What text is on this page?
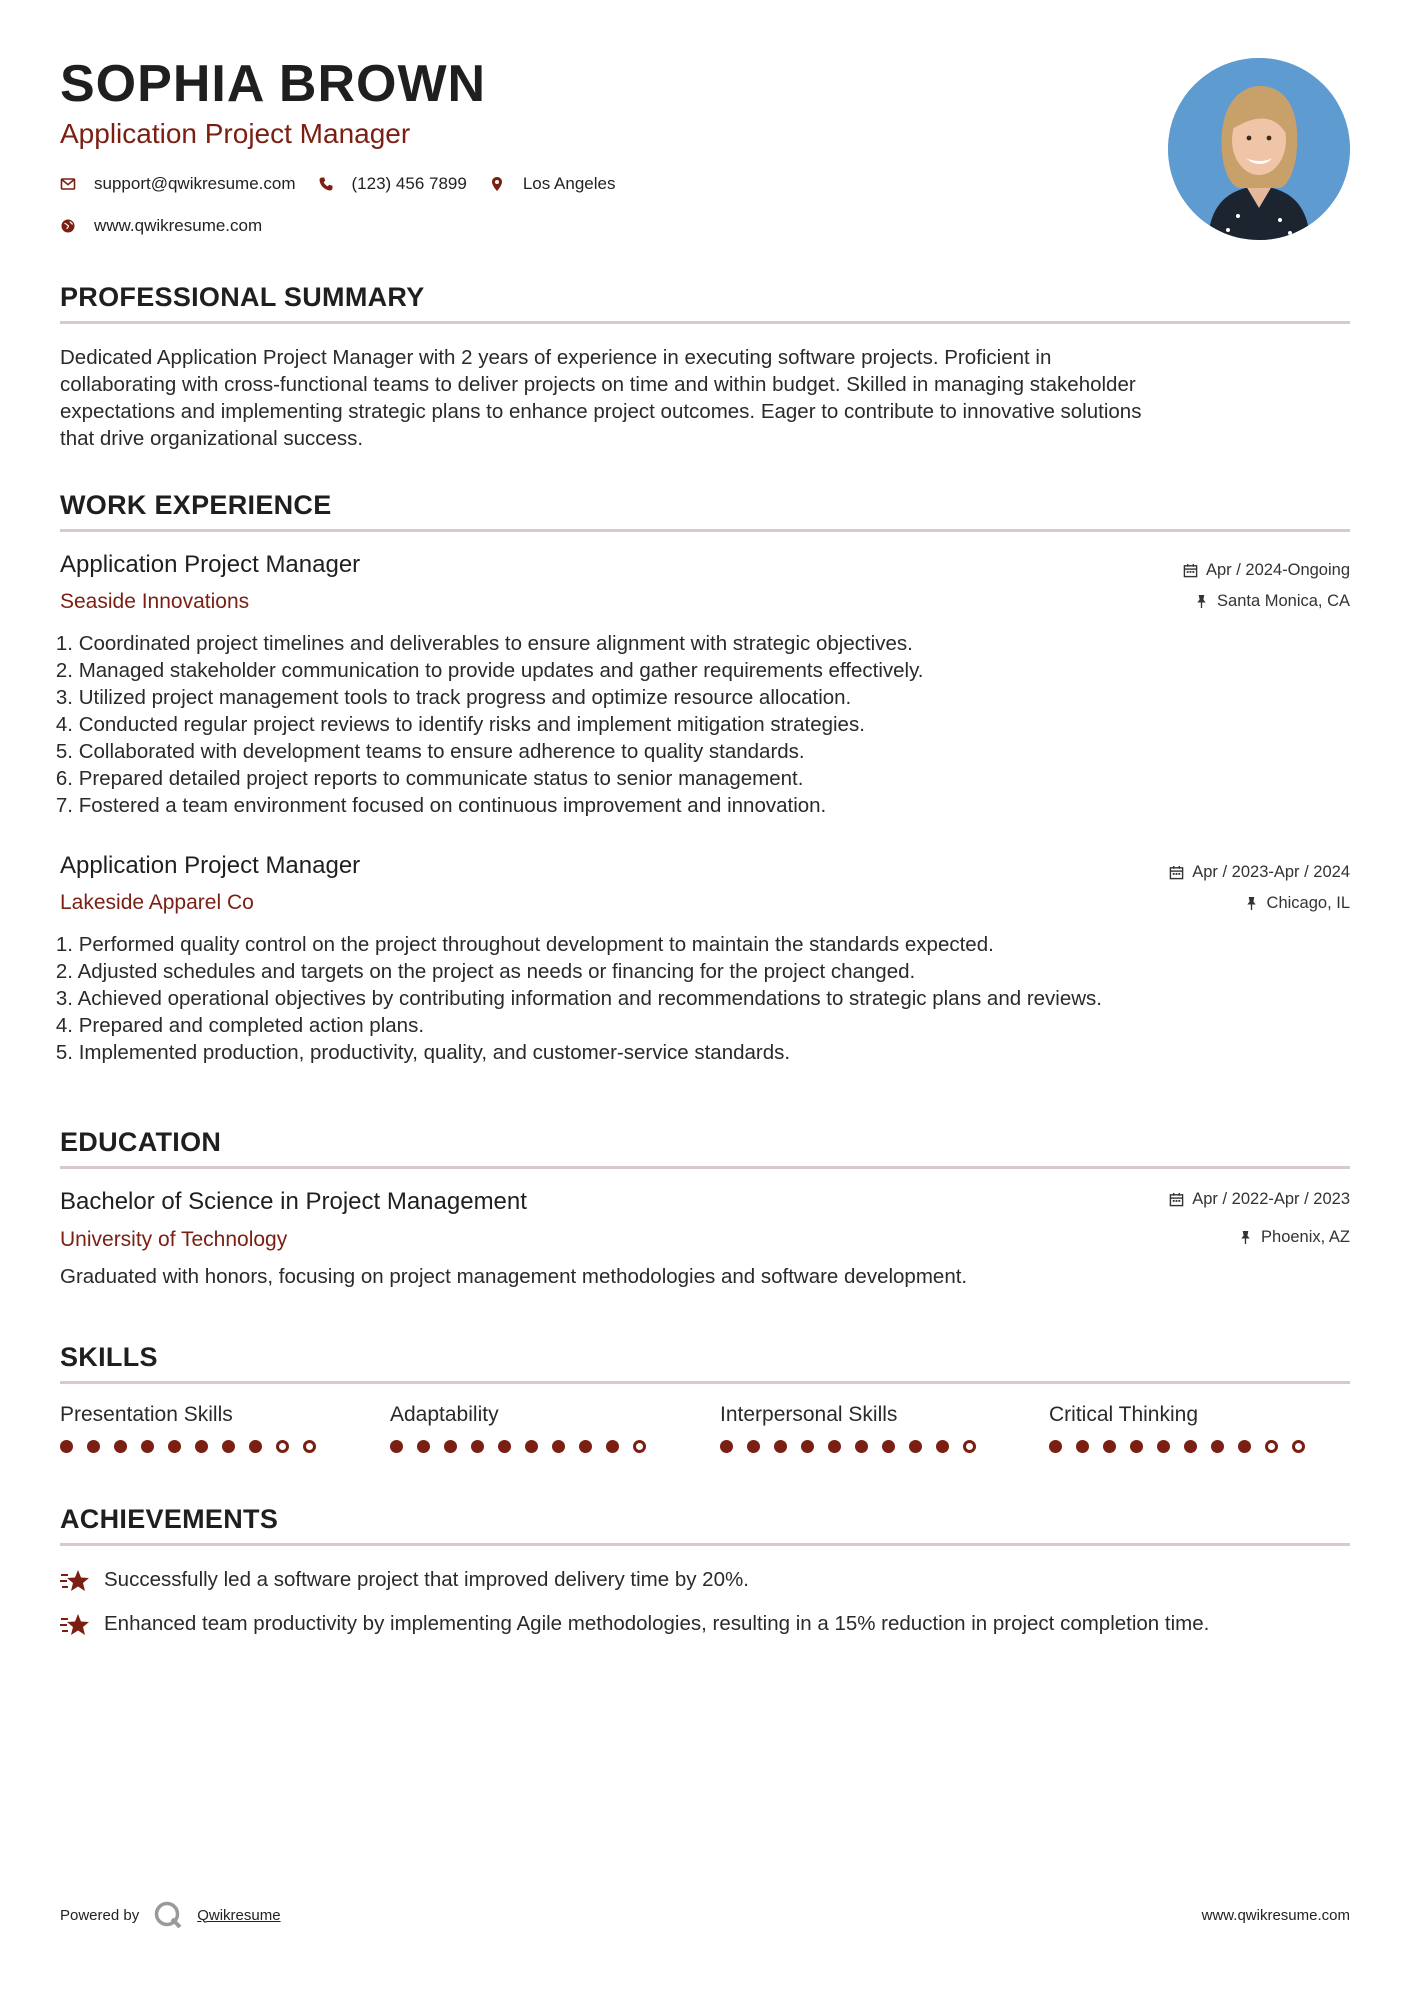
SOPHIA BROWN
Application Project Manager
support@qwikresume.com	(123) 456 7899	Los Angeles
www.qwikresume.com
PROFESSIONAL SUMMARY
Dedicated Application Project Manager with 2 years of experience in executing software projects. Proficient in
collaborating with cross-functional teams to deliver projects on time and within budget. Skilled in managing stakeholder
expectations and implementing strategic plans to enhance project outcomes. Eager to contribute to innovative solutions
that drive organizational success.
WORK EXPERIENCE
Application Project Manager
Seaside Innovations
Apr / 2024-Ongoing
Santa Monica, CA
1. Coordinated project timelines and deliverables to ensure alignment with strategic objectives.
2. Managed stakeholder communication to provide updates and gather requirements effectively.
3. Utilized project management tools to track progress and optimize resource allocation.
4. Conducted regular project reviews to identify risks and implement mitigation strategies.
5. Collaborated with development teams to ensure adherence to quality standards.
6. Prepared detailed project reports to communicate status to senior management.
7. Fostered a team environment focused on continuous improvement and innovation.
Application Project Manager
Lakeside Apparel Co
Apr / 2023-Apr / 2024
Chicago, IL
1. Performed quality control on the project throughout development to maintain the standards expected.
2. Adjusted schedules and targets on the project as needs or financing for the project changed.
3. Achieved operational objectives by contributing information and recommendations to strategic plans and reviews.
4. Prepared and completed action plans.
5. Implemented production, productivity, quality, and customer-service standards.
EDUCATION
Bachelor of Science in Project Management
University of Technology
Apr / 2022-Apr / 2023
Phoenix, AZ
Graduated with honors, focusing on project management methodologies and software development.
SKILLS
Presentation Skills	Adaptability	Interpersonal Skills	Critical Thinking
ACHIEVEMENTS
Successfully led a software project that improved delivery time by 20%.
Enhanced team productivity by implementing Agile methodologies, resulting in a 15% reduction in project completion time.
Powered by	Qwikresume	www.qwikresume.com
